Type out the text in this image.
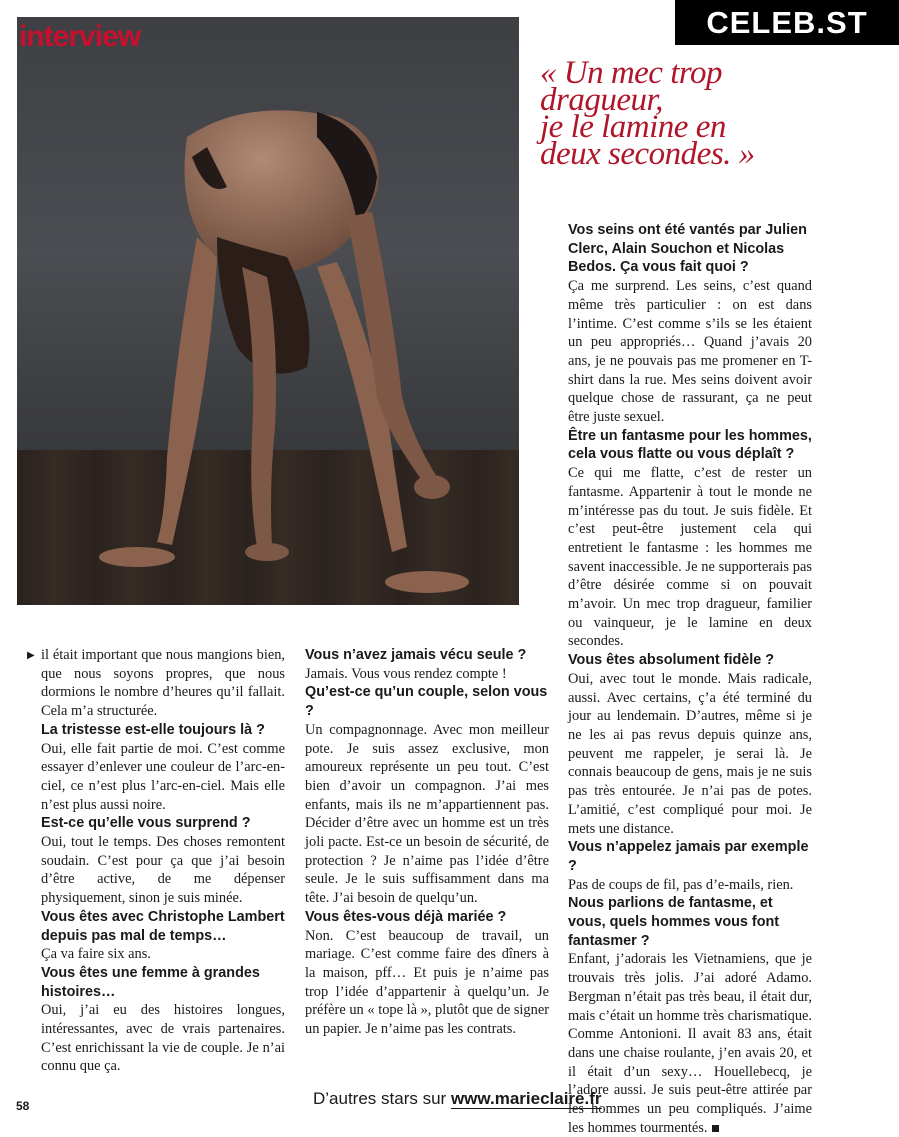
interview	CELEB.ST
« Un mec trop
dragueur,
je le lamine en
deux secondes. »
▶ il était important que nous mangions bien, que nous soyons propres, que nous dormions le nombre d’heures qu’il fallait. Cela m’a structurée.

La tristesse est-elle toujours là ?

Oui, elle fait partie de moi. C’est comme essayer d’enlever une couleur de l’arc-en-ciel, ce n’est plus l’arc-en-ciel. Mais elle n’est plus aussi noire.

Est-ce qu’elle vous surprend ?

Oui, tout le temps. Des choses remontent soudain. C’est pour ça que j’ai besoin d’être active, de me dépenser physiquement, sinon je suis minée.

Vous êtes avec Christophe Lambert depuis pas mal de temps…

Ça va faire six ans.

Vous êtes une femme à grandes histoires…

Oui, j’ai eu des histoires longues, intéressantes, avec de vrais partenaires. C’est enrichissant la vie de couple. Je n’ai connu que ça.

Vous n’avez jamais vécu seule ?

Jamais. Vous vous rendez compte !

Qu’est-ce qu’un couple, selon vous ?

Un compagnonnage. Avec mon meilleur pote. Je suis assez exclusive, mon amoureux représente un peu tout. C’est bien d’avoir un compagnon. J’ai mes enfants, mais ils ne m’appartiennent pas. Décider d’être avec un homme est un très joli pacte. Est-ce un besoin de sécurité, de protection ? Je n’aime pas l’idée d’être seule. Je le suis suffisamment dans ma tête. J’ai besoin de quelqu’un.

Vous êtes-vous déjà mariée ?

Non. C’est beaucoup de travail, un mariage. C’est comme faire des dîners à la maison, pff… Et puis je n’aime pas trop l’idée d’appartenir à quelqu’un. Je préfère un « tope là », plutôt que de signer un papier. Je n’aime pas les contrats.

Vos seins ont été vantés par Julien Clerc, Alain Souchon et Nicolas Bedos. Ça vous fait quoi ?

Ça me surprend. Les seins, c’est quand même très particulier : on est dans l’intime. C’est comme s’ils se les étaient un peu appropriés… Quand j’avais 20 ans, je ne pouvais pas me promener en T-shirt dans la rue. Mes seins doivent avoir quelque chose de rassurant, ça ne peut être juste sexuel.

Être un fantasme pour les hommes, cela vous flatte ou vous déplaît ?

Ce qui me flatte, c’est de rester un fantasme. Appartenir à tout le monde ne m’intéresse pas du tout. Je suis fidèle. Et c’est peut-être justement cela qui entretient le fantasme : les hommes me savent inaccessible. Je ne supporterais pas d’être désirée comme si on pouvait m’avoir. Un mec trop dragueur, familier ou vainqueur, je le lamine en deux secondes.

Vous êtes absolument fidèle ?

Oui, avec tout le monde. Mais radicale, aussi. Avec certains, ç’a été terminé du jour au lendemain. D’autres, même si je ne les ai pas revus depuis quinze ans, peuvent me rappeler, je serai là. Je connais beaucoup de gens, mais je ne suis pas très entourée. Je n’ai pas de potes. L’amitié, c’est compliqué pour moi. Je mets une distance.

Vous n’appelez jamais par exemple ?

Pas de coups de fil, pas d’e-mails, rien.

Nous parlions de fantasme, et vous, quels hommes vous font fantasmer ?

Enfant, j’adorais les Vietnamiens, que je trouvais très jolis. J’ai adoré Adamo. Bergman n’était pas très beau, il était dur, mais c’était un homme très charismatique. Comme Antonioni. Il avait 83 ans, était dans une chaise roulante, j’en avais 20, et il était d’un sexy… Houellebecq, je l’adore aussi. Je suis peut-être attirée par les hommes un peu compliqués. J’aime les hommes tourmentés.

D’autres stars sur www.marieclaire.fr
58
